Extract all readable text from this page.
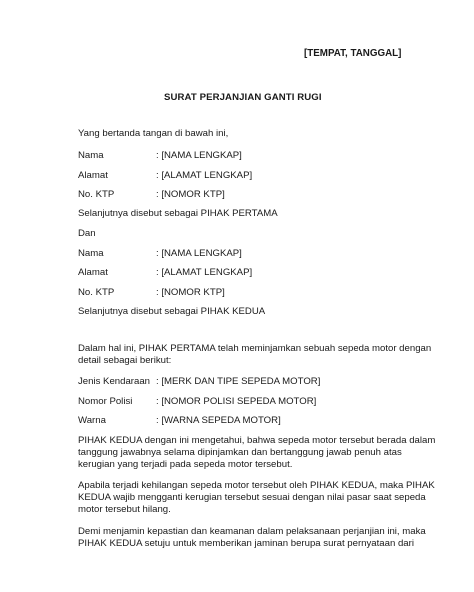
[TEMPAT, TANGGAL]
SURAT PERJANJIAN GANTI RUGI
Yang bertanda tangan di bawah ini,
Nama	: [NAMA LENGKAP]
Alamat	: [ALAMAT LENGKAP]
No. KTP	: [NOMOR KTP]
Selanjutnya disebut sebagai PIHAK PERTAMA
Dan
Nama	: [NAMA LENGKAP]
Alamat	: [ALAMAT LENGKAP]
No. KTP	: [NOMOR KTP]
Selanjutnya disebut sebagai PIHAK KEDUA
Dalam hal ini, PIHAK PERTAMA telah meminjamkan sebuah sepeda motor dengan
detail sebagai berikut:
Jenis Kendaraan : [MERK DAN TIPE SEPEDA MOTOR]
Nomor Polisi : [NOMOR POLISI SEPEDA MOTOR]
Warna	: [WARNA SEPEDA MOTOR]
PIHAK KEDUA dengan ini mengetahui, bahwa sepeda motor tersebut berada dalam
tanggung jawabnya selama dipinjamkan dan bertanggung jawab penuh atas
kerugian yang terjadi pada sepeda motor tersebut.
Apabila terjadi kehilangan sepeda motor tersebut oleh PIHAK KEDUA, maka PIHAK
KEDUA wajib mengganti kerugian tersebut sesuai dengan nilai pasar saat sepeda
motor tersebut hilang.
Demi menjamin kepastian dan keamanan dalam pelaksanaan perjanjian ini, maka
PIHAK KEDUA setuju untuk memberikan jaminan berupa surat pernyataan dari
